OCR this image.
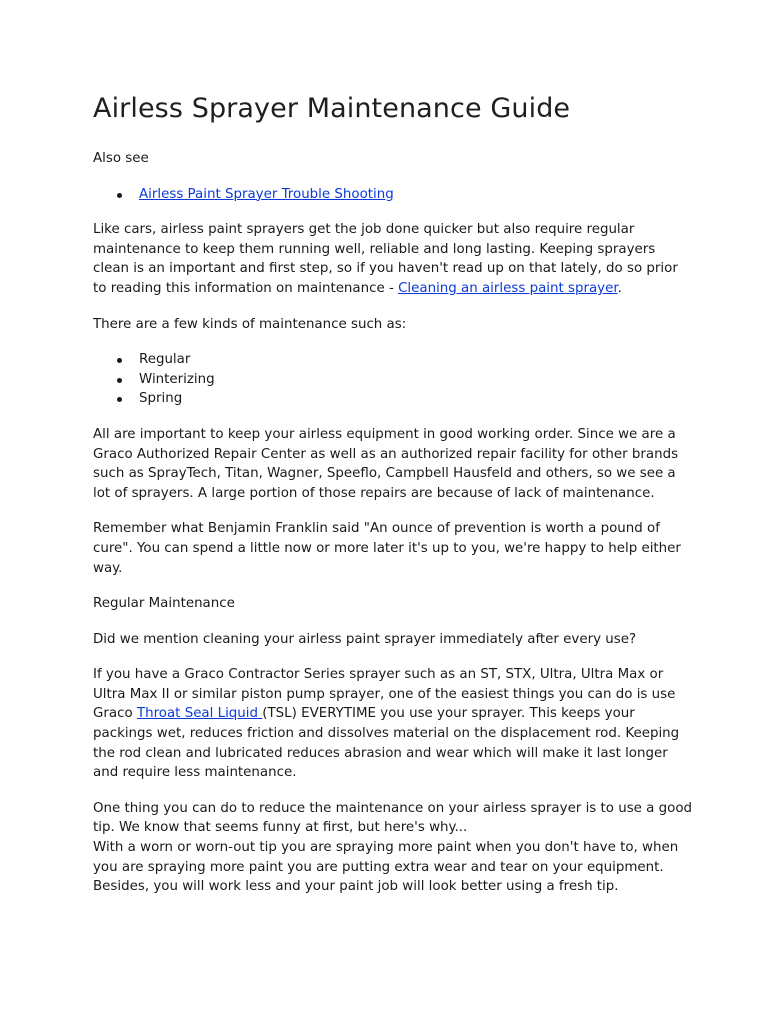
Airless Sprayer Maintenance Guide

Also see

Airless Paint Sprayer Trouble Shooting

Like cars, airless paint sprayers get the job done quicker but also require regular maintenance to keep them running well, reliable and long lasting. Keeping sprayers clean is an important and first step, so if you haven't read up on that lately, do so prior to reading this information on maintenance - Cleaning an airless paint sprayer.

There are a few kinds of maintenance such as:

Regular
Winterizing
Spring

All are important to keep your airless equipment in good working order. Since we are a Graco Authorized Repair Center as well as an authorized repair facility for other brands such as SprayTech, Titan, Wagner, Speeflo, Campbell Hausfeld and others, so we see a lot of sprayers. A large portion of those repairs are because of lack of maintenance.

Remember what Benjamin Franklin said "An ounce of prevention is worth a pound of cure". You can spend a little now or more later it's up to you, we're happy to help either way.

Regular Maintenance

Did we mention cleaning your airless paint sprayer immediately after every use?

If you have a Graco Contractor Series sprayer such as an ST, STX, Ultra, Ultra Max or Ultra Max II or similar piston pump sprayer, one of the easiest things you can do is use Graco Throat Seal Liquid (TSL) EVERYTIME you use your sprayer. This keeps your packings wet, reduces friction and dissolves material on the displacement rod. Keeping the rod clean and lubricated reduces abrasion and wear which will make it last longer and require less maintenance.

One thing you can do to reduce the maintenance on your airless sprayer is to use a good tip. We know that seems funny at first, but here's why...

With a worn or worn-out tip you are spraying more paint when you don't have to, when you are spraying more paint you are putting extra wear and tear on your equipment. Besides, you will work less and your paint job will look better using a fresh tip.
